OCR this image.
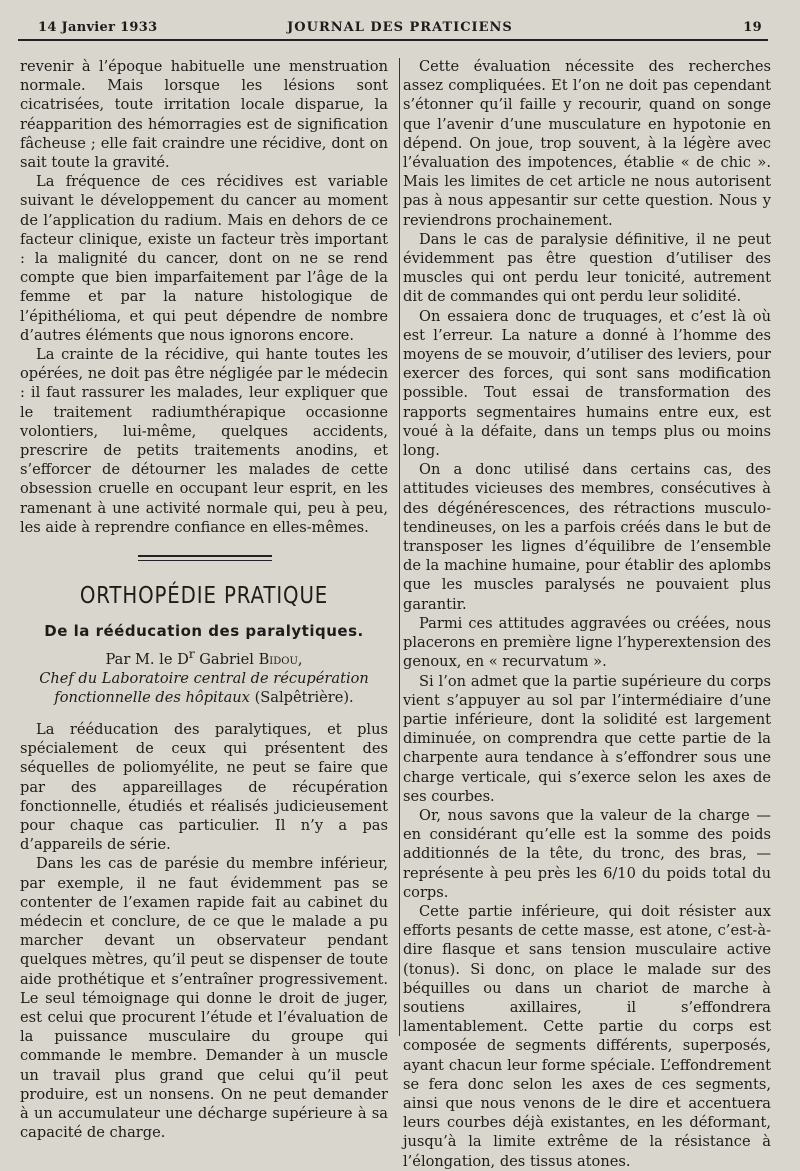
14 Janvier 1933	JOURNAL DES PRATICIENS	19

revenir à l’époque habituelle une menstruation normale. Mais lorsque les lésions sont cicatrisées, toute irritation locale disparue, la réapparition des hémorragies est de signification fâcheuse ; elle fait craindre une récidive, dont on sait toute la gravité.

La fréquence de ces récidives est variable suivant le développement du cancer au moment de l’application du radium. Mais en dehors de ce facteur clinique, existe un facteur très important : la malignité du cancer, dont on ne se rend compte que bien imparfaitement par l’âge de la femme et par la nature histologique de l’épithélioma, et qui peut dépendre de nombre d’autres éléments que nous ignorons encore.

La crainte de la récidive, qui hante toutes les opérées, ne doit pas être négligée par le médecin : il faut rassurer les malades, leur expliquer que le traitement radiumthérapique occasionne volontiers, lui-même, quelques accidents, prescrire de petits traitements anodins, et s’efforcer de détourner les malades de cette obsession cruelle en occupant leur esprit, en les ramenant à une activité normale qui, peu à peu, les aide à reprendre confiance en elles-mêmes.

ORTHOPÉDIE PRATIQUE
De la rééducation des paralytiques.
Par M. le $D^r$ Gabriel Bidou,
Chef du Laboratoire central de récupération fonctionnelle des hôpitaux (Salpêtrière).

La rééducation des paralytiques, et plus spécialement de ceux qui présentent des séquelles de poliomyélite, ne peut se faire que par des appareillages de récupération fonctionnelle, étudiés et réalisés judicieusement pour chaque cas particulier. Il n’y a pas d’appareils de série.

Dans les cas de parésie du membre inférieur, par exemple, il ne faut évidemment pas se contenter de l’examen rapide fait au cabinet du médecin et conclure, de ce que le malade a pu marcher devant un observateur pendant quelques mètres, qu’il peut se dispenser de toute aide prothétique et s’entraîner progressivement. Le seul témoignage qui donne le droit de juger, est celui que procurent l’étude et l’évaluation de la puissance musculaire du groupe qui commande le membre. Demander à un muscle un travail plus grand que celui qu’il peut produire, est un nonsens. On ne peut demander à un accumulateur une décharge supérieure à sa capacité de charge.

Cette évaluation nécessite des recherches assez compliquées. Et l’on ne doit pas cependant s’étonner qu’il faille y recourir, quand on songe que l’avenir d’une musculature en hypotonie en dépend. On joue, trop souvent, à la légère avec l’évaluation des impotences, établie « de chic ». Mais les limites de cet article ne nous autorisent pas à nous appesantir sur cette question. Nous y reviendrons prochainement.

Dans le cas de paralysie définitive, il ne peut évidemment pas être question d’utiliser des muscles qui ont perdu leur tonicité, autrement dit de commandes qui ont perdu leur solidité.

On essaiera donc de truquages, et c’est là où est l’erreur. La nature a donné à l’homme des moyens de se mouvoir, d’utiliser des leviers, pour exercer des forces, qui sont sans modification possible. Tout essai de transformation des rapports segmentaires humains entre eux, est voué à la défaite, dans un temps plus ou moins long.

On a donc utilisé dans certains cas, des attitudes vicieuses des membres, consécutives à des dégénérescences, des rétractions musculo-tendineuses, on les a parfois créés dans le but de transposer les lignes d’équilibre de l’ensemble de la machine humaine, pour établir des aplombs que les muscles paralysés ne pouvaient plus garantir.

Parmi ces attitudes aggravées ou créées, nous placerons en première ligne l’hyperextension des genoux, en « recurvatum ».

Si l’on admet que la partie supérieure du corps vient s’appuyer au sol par l’intermédiaire d’une partie inférieure, dont la solidité est largement diminuée, on comprendra que cette partie de la charpente aura tendance à s’effondrer sous une charge verticale, qui s’exerce selon les axes de ses courbes.

Or, nous savons que la valeur de la charge — en considérant qu’elle est la somme des poids additionnés de la tête, du tronc, des bras, — représente à peu près les 6/10 du poids total du corps.

Cette partie inférieure, qui doit résister aux efforts pesants de cette masse, est atone, c’est-à-dire flasque et sans tension musculaire active (tonus). Si donc, on place le malade sur des béquilles ou dans un chariot de marche à soutiens axillaires, il s’effondrera lamentablement. Cette partie du corps est composée de segments différents, superposés, ayant chacun leur forme spéciale. L’effondrement se fera donc selon les axes de ces segments, ainsi que nous venons de le dire et accentuera leurs courbes déjà existantes, en les déformant, jusqu’à la limite extrême de la résistance à l’élongation, des tissus atones.
